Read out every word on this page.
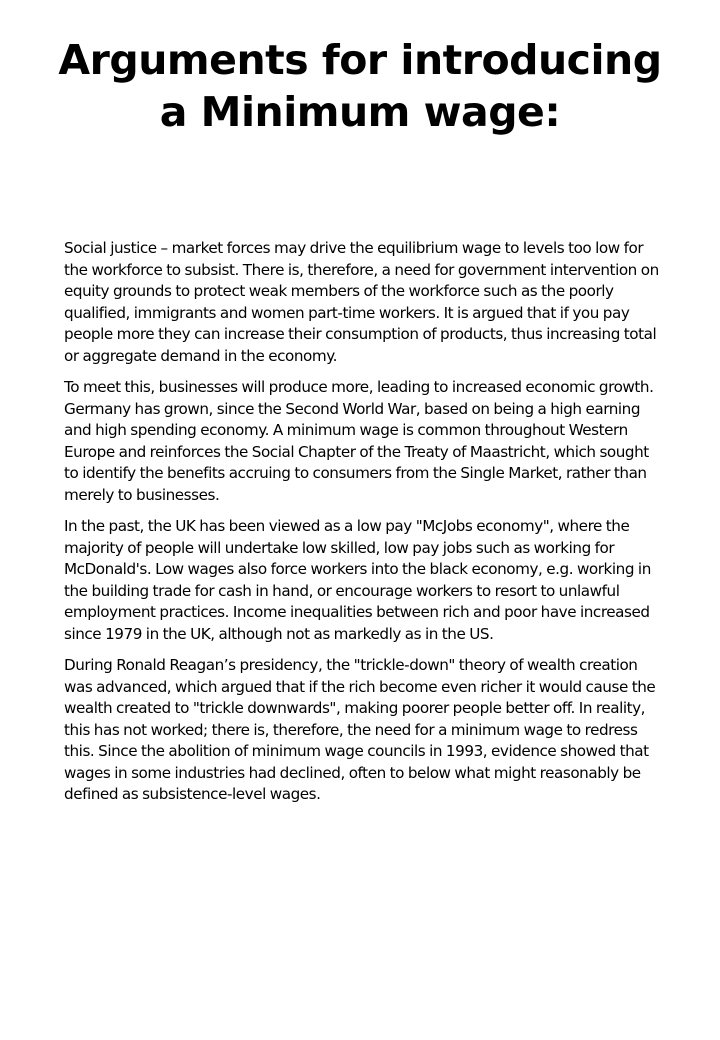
Arguments for introducing a Minimum wage:

Social justice – market forces may drive the equilibrium wage to levels too low for the workforce to subsist. There is, therefore, a need for government intervention on equity grounds to protect weak members of the workforce such as the poorly qualified, immigrants and women part-time workers. It is argued that if you pay people more they can increase their consumption of products, thus increasing total or aggregate demand in the economy.

To meet this, businesses will produce more, leading to increased economic growth. Germany has grown, since the Second World War, based on being a high earning and high spending economy. A minimum wage is common throughout Western Europe and reinforces the Social Chapter of the Treaty of Maastricht, which sought to identify the benefits accruing to consumers from the Single Market, rather than merely to businesses.

In the past, the UK has been viewed as a low pay "McJobs economy", where the majority of people will undertake low skilled, low pay jobs such as working for McDonald's. Low wages also force workers into the black economy, e.g. working in the building trade for cash in hand, or encourage workers to resort to unlawful employment practices. Income inequalities between rich and poor have increased since 1979 in the UK, although not as markedly as in the US.

During Ronald Reagan’s presidency, the "trickle-down" theory of wealth creation was advanced, which argued that if the rich become even richer it would cause the wealth created to "trickle downwards", making poorer people better off. In reality, this has not worked; there is, therefore, the need for a minimum wage to redress this. Since the abolition of minimum wage councils in 1993, evidence showed that wages in some industries had declined, often to below what might reasonably be defined as subsistence-level wages.
